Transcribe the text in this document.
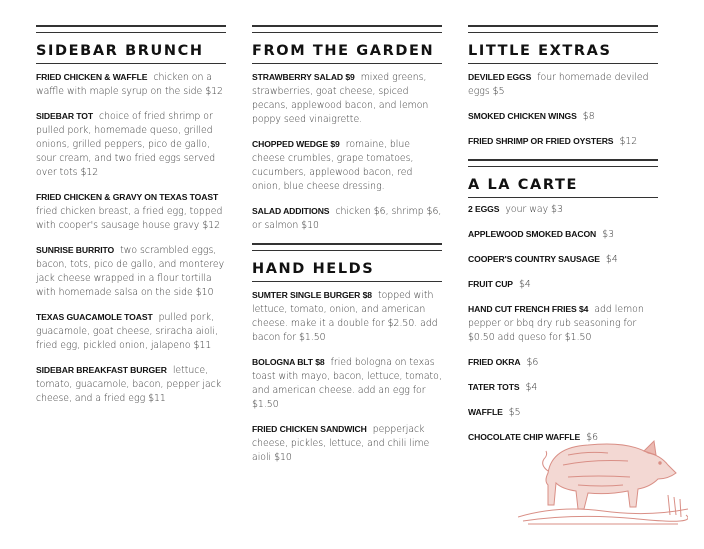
SIDEBAR BRUNCH
FRIED CHICKEN & WAFFLE chicken on a waffle with maple syrup on the side $12
SIDEBAR TOT choice of fried shrimp or pulled pork, homemade queso, grilled onions, grilled peppers, pico de gallo, sour cream, and two fried eggs served over tots $12
FRIED CHICKEN & GRAVY ON TEXAS TOASTfried chicken breast, a fried egg, topped with cooper's sausage house gravy $12
SUNRISE BURRITO two scrambled eggs, bacon, tots, pico de gallo, and monterey jack cheese wrapped in a flour tortilla with homemade salsa on the side $10
TEXAS GUACAMOLE TOAST pulled pork, guacamole, goat cheese, sriracha aioli, fried egg, pickled onion, jalapeno $11
SIDEBAR BREAKFAST BURGER lettuce, tomato, guacamole, bacon, pepper jack cheese, and a fried egg $11
FROM THE GARDEN
STRAWBERRY SALAD $9 mixed greens, strawberries, goat cheese, spiced pecans, applewood bacon, and lemon poppy seed vinaigrette.
CHOPPED WEDGE $9 romaine, blue cheese crumbles, grape tomatoes, cucumbers, applewood bacon, red onion, blue cheese dressing.
SALAD ADDITIONS chicken $6, shrimp $6, or salmon $10
HAND HELDS
SUMTER SINGLE BURGER $8 topped with lettuce, tomato, onion, and american cheese. make it a double for $2.50. add bacon for $1.50
BOLOGNA BLT $8 fried bologna on texas toast with mayo, bacon, lettuce, tomato, and american cheese. add an egg for $1.50
FRIED CHICKEN SANDWICH pepperjack cheese, pickles, lettuce, and chili lime aioli $10
LITTLE EXTRAS
DEVILED EGGS four homemade deviled eggs $5
SMOKED CHICKEN WINGS $8
FRIED SHRIMP OR FRIED OYSTERS $12
A LA CARTE
2 EGGS your way $3
APPLEWOOD SMOKED BACON $3
COOPER'S COUNTRY SAUSAGE $4
FRUIT CUP $4
HAND CUT FRENCH FRIES $4 add lemon pepper or bbq dry rub seasoning for $0.50 add queso for $1.50
FRIED OKRA $6
TATER TOTS $4
WAFFLE $5
CHOCOLATE CHIP WAFFLE $6
